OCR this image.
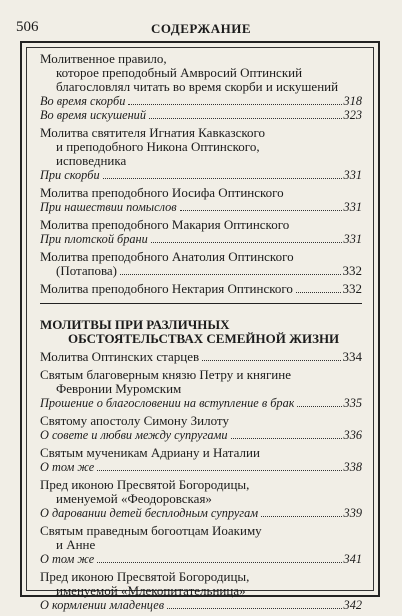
506	СОДЕРЖАНИЕ
Молитвенное правило,
которое преподобный Амвросий Оптинский
благословлял читать во время скорби и искушений
Во время скорби	318
Во время искушений	323
Молитва святителя Игнатия Кавказского
и преподобного Никона Оптинского,
исповедника
При скорби	331
Молитва преподобного Иосифа Оптинского
При нашествии помыслов	331
Молитва преподобного Макария Оптинского
При плотской брани	331
Молитва преподобного Анатолия Оптинского
(Потапова)	332
Молитва преподобного Нектария Оптинского	332
МОЛИТВЫ ПРИ РАЗЛИЧНЫХ
ОБСТОЯТЕЛЬСТВАХ СЕМЕЙНОЙ ЖИЗНИ
Молитва Оптинских старцев	334
Святым благоверным князю Петру и княгине
Февронии Муромским
Прошение о благословении на вступление в брак	335
Святому апостолу Симону Зилоту
О совете и любви между супругами	336
Святым мученикам Адриану и Наталии
О том же	338
Пред иконою Пресвятой Богородицы,
именуемой «Феодоровская»
О даровании детей бесплодным супругам	339
Святым праведным богоотцам Иоакиму
и Анне
О том же	341
Пред иконою Пресвятой Богородицы,
именуемой «Млекопитательница»
О кормлении младенцев	342
